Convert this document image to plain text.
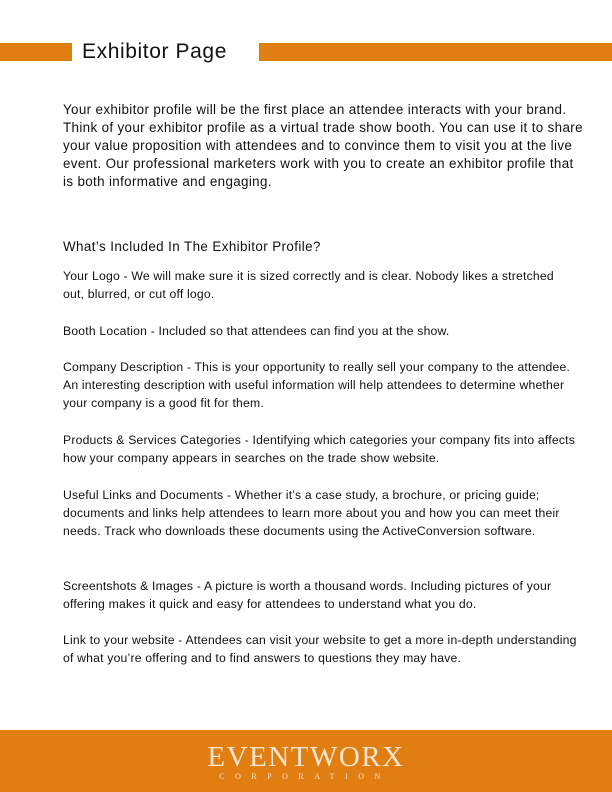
Exhibitor Page

Your exhibitor profile will be the first place an attendee interacts with your brand. Think of your exhibitor profile as a virtual trade show booth. You can use it to share your value proposition with attendees and to convince them to visit you at the live event. Our professional marketers work with you to create an exhibitor profile that is both informative and engaging.

What’s Included In The Exhibitor Profile?

Your Logo - We will make sure it is sized correctly and is clear. Nobody likes a stretched out, blurred, or cut off logo.

Booth Location - Included so that attendees can find you at the show.

Company Description - This is your opportunity to really sell your company to the attendee. An interesting description with useful information will help attendees to determine whether your company is a good fit for them.

Products & Services Categories - Identifying which categories your company fits into affects how your company appears in searches on the trade show website.

Useful Links and Documents - Whether it’s a case study, a brochure, or pricing guide; documents and links help attendees to learn more about you and how you can meet their needs. Track who downloads these documents using the ActiveConversion software.

Screentshots & Images - A picture is worth a thousand words. Including pictures of your offering makes it quick and easy for attendees to understand what you do.

Link to your website - Attendees can visit your website to get a more in-depth understanding of what you’re offering and to find answers to questions they may have.

EVENTWORX
CORPORATION
